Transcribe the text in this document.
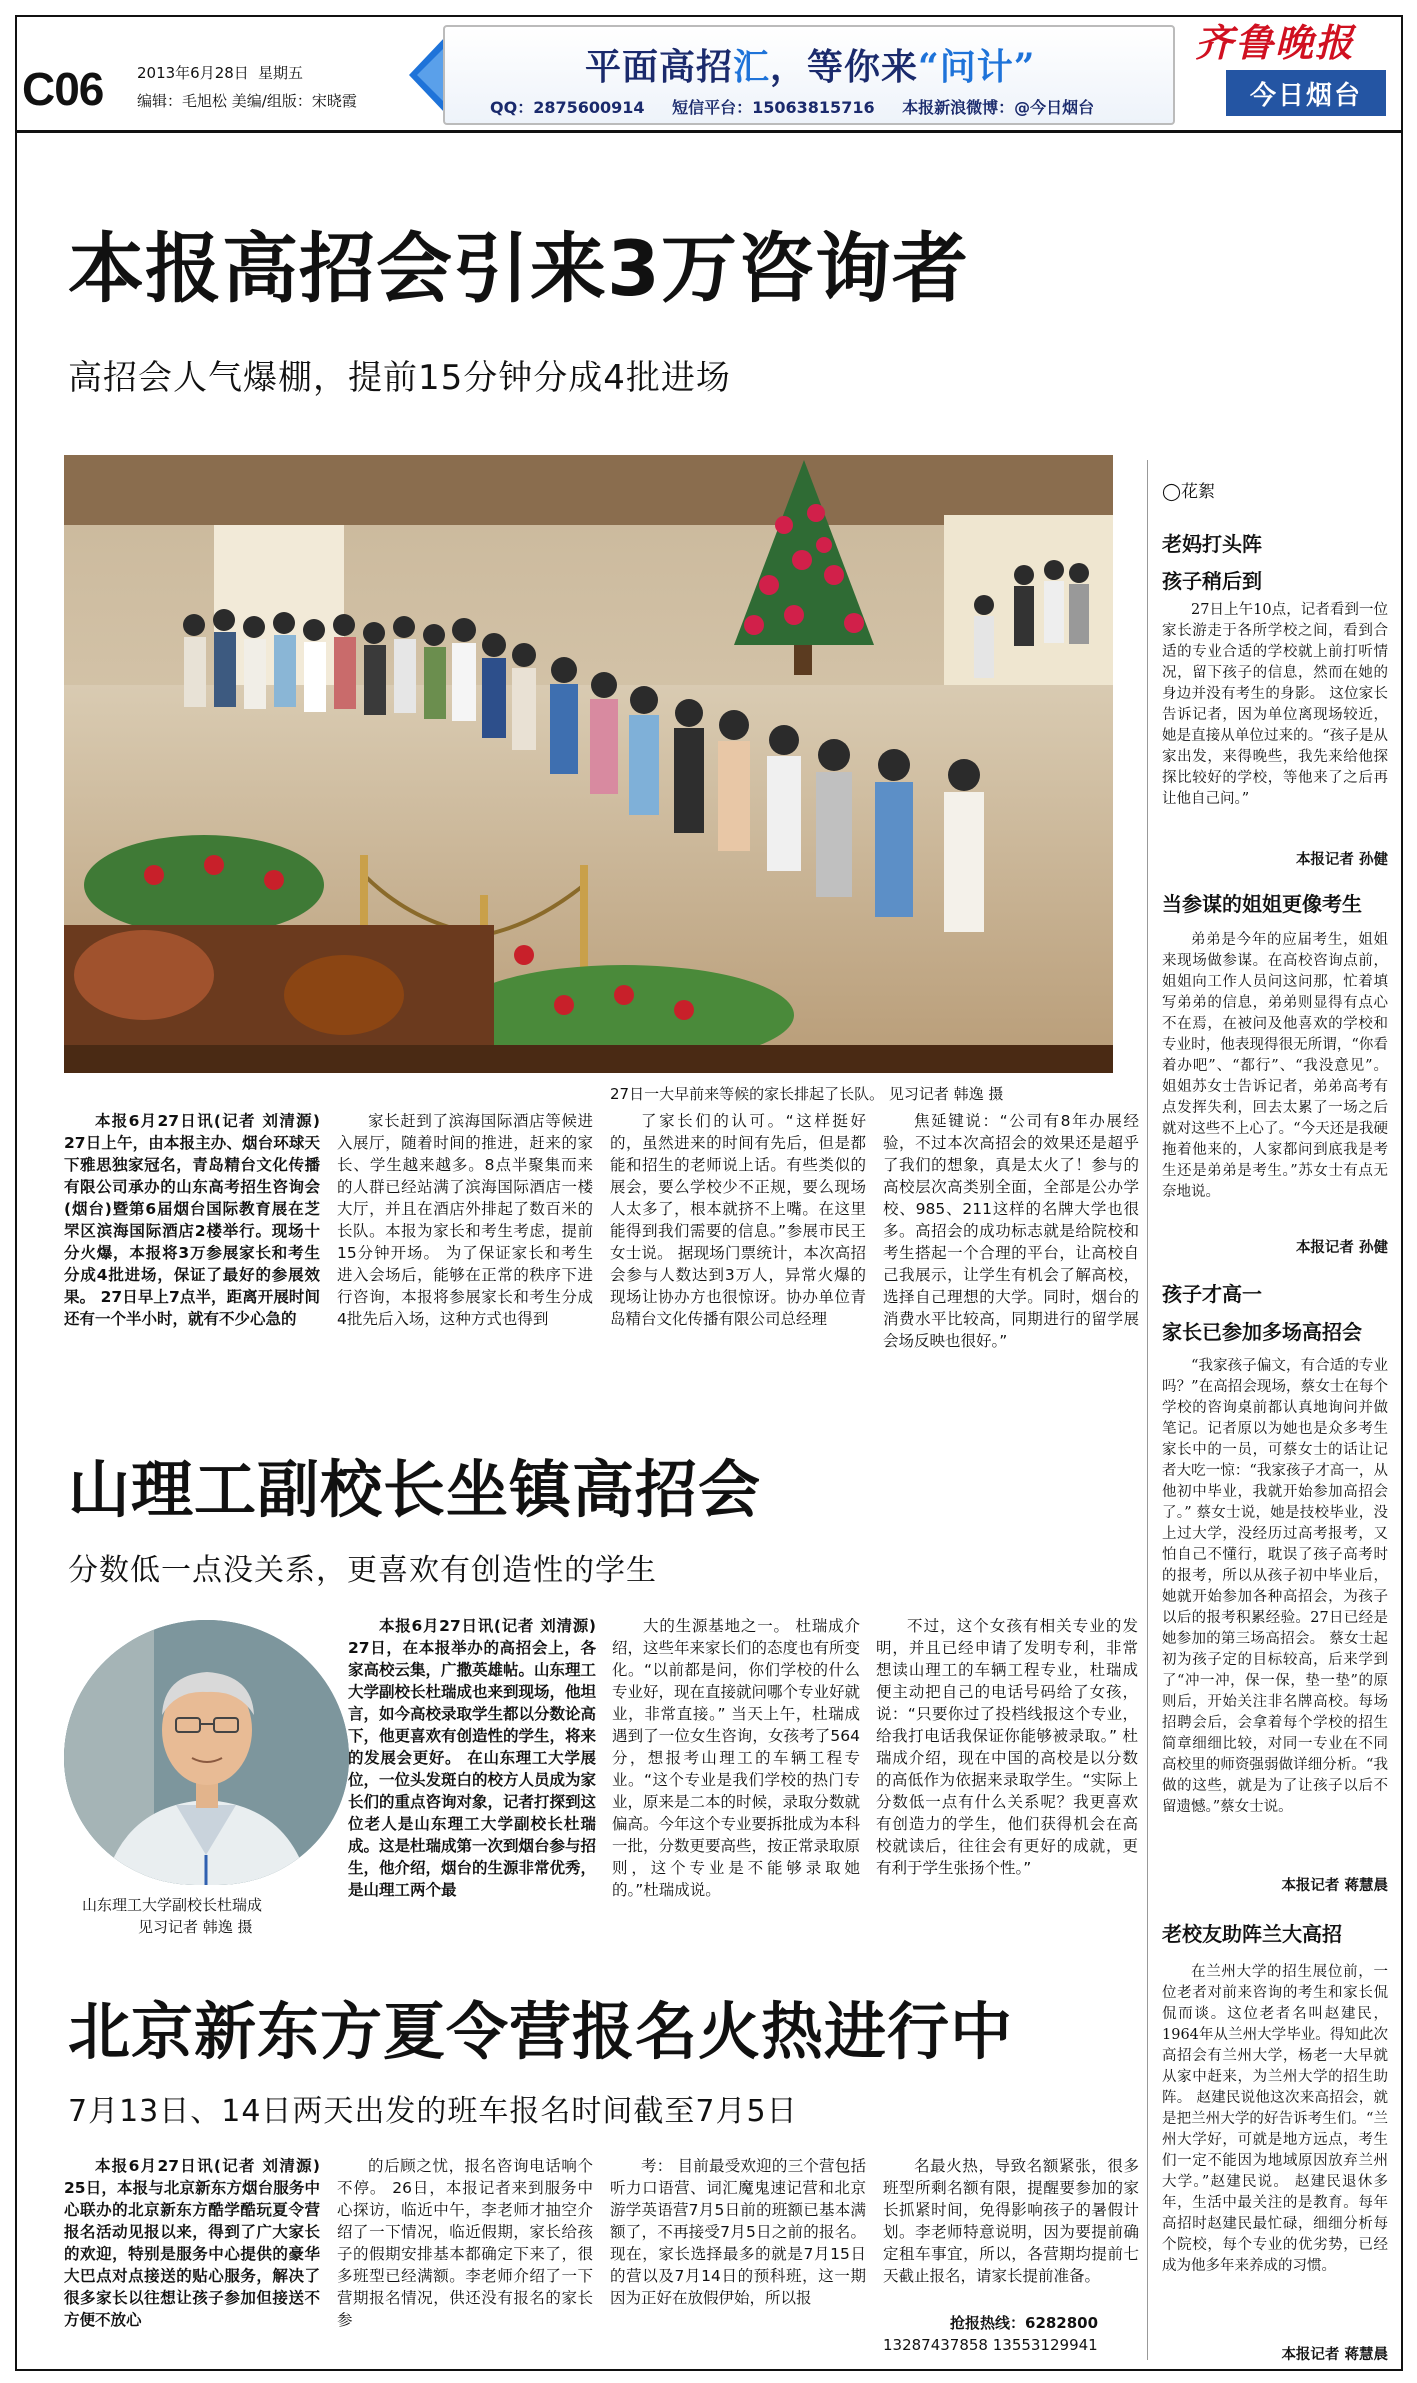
C06 2013年6月28日 星期五
编辑：毛旭松 美编/组版：宋晓霞
平面高招汇，等你来“问计”
QQ：2875600914 短信平台：15063815716 本报新浪微博：@今日烟台
齐鲁晚报
今日烟台
本报高招会引来3万咨询者
高招会人气爆棚，提前15分钟分成4批进场
27日一大早前来等候的家长排起了长队。 见习记者 韩逸 摄

本报6月27日讯(记者 刘清源) 27日上午，由本报主办、烟台环球天下雅思独家冠名，青岛精台文化传播有限公司承办的山东高考招生咨询会(烟台)暨第6届烟台国际教育展在芝罘区滨海国际酒店2楼举行。现场十分火爆，本报将3万参展家长和考生分成4批进场，保证了最好的参展效果。 27日早上7点半，距离开展时间还有一个半小时，就有不少心急的

家长赶到了滨海国际酒店等候进入展厅，随着时间的推进，赶来的家长、学生越来越多。8点半聚集而来的人群已经站满了滨海国际酒店一楼大厅，并且在酒店外排起了数百米的长队。本报为家长和考生考虑，提前15分钟开场。 为了保证家长和考生进入会场后，能够在正常的秩序下进行咨询，本报将参展家长和考生分成4批先后入场，这种方式也得到

了家长们的认可。“这样挺好的，虽然进来的时间有先后，但是都能和招生的老师说上话。有些类似的展会，要么学校少不正规，要么现场人太多了，根本就挤不上嘴。在这里能得到我们需要的信息。”参展市民王女士说。 据现场门票统计，本次高招会参与人数达到3万人，异常火爆的现场让协办方也很惊讶。协办单位青岛精台文化传播有限公司总经理

焦延键说：“公司有8年办展经验，不过本次高招会的效果还是超乎了我们的想象，真是太火了！参与的高校层次高类别全面，全部是公办学校、985、211这样的名牌大学也很多。高招会的成功标志就是给院校和考生搭起一个合理的平台，让高校自己我展示，让学生有机会了解高校，选择自己理想的大学。同时，烟台的消费水平比较高，同期进行的留学展会场反映也很好。”

山理工副校长坐镇高招会
分数低一点没关系，更喜欢有创造性的学生
山东理工大学副校长杜瑞成
见习记者 韩逸 摄

本报6月27日讯(记者 刘清源) 27日，在本报举办的高招会上，各家高校云集，广撒英雄帖。山东理工大学副校长杜瑞成也来到现场，他坦言，如今高校录取学生都以分数论高下，他更喜欢有创造性的学生，将来的发展会更好。 在山东理工大学展位，一位头发斑白的校方人员成为家长们的重点咨询对象，记者打探到这位老人是山东理工大学副校长杜瑞成。这是杜瑞成第一次到烟台参与招生，他介绍，烟台的生源非常优秀，是山理工两个最

大的生源基地之一。 杜瑞成介绍，这些年来家长们的态度也有所变化。“以前都是问，你们学校的什么专业好，现在直接就问哪个专业好就业，非常直接。” 当天上午，杜瑞成遇到了一位女生咨询，女孩考了564分，想报考山理工的车辆工程专业。“这个专业是我们学校的热门专业，原来是二本的时候，录取分数就偏高。今年这个专业要拆批成为本科一批，分数更要高些，按正常录取原则，这个专业是不能够录取她的。”杜瑞成说。

不过，这个女孩有相关专业的发明，并且已经申请了发明专利，非常想读山理工的车辆工程专业，杜瑞成便主动把自己的电话号码给了女孩，说：“只要你过了投档线报这个专业，给我打电话我保证你能够被录取。” 杜瑞成介绍，现在中国的高校是以分数的高低作为依据来录取学生。“实际上分数低一点有什么关系呢？我更喜欢有创造力的学生，他们获得机会在高校就读后，往往会有更好的成就，更有利于学生张扬个性。”

北京新东方夏令营报名火热进行中
7月13日、14日两天出发的班车报名时间截至7月5日

本报6月27日讯(记者 刘清源) 25日，本报与北京新东方烟台服务中心联办的北京新东方酷学酷玩夏令营报名活动见报以来，得到了广大家长的欢迎，特别是服务中心提供的豪华大巴点对点接送的贴心服务，解决了很多家长以往想让孩子参加但接送不方便不放心

的后顾之忧，报名咨询电话响个不停。 26日，本报记者来到服务中心探访，临近中午，李老师才抽空介绍了一下情况，临近假期，家长给孩子的假期安排基本都确定下来了，很多班型已经满额。李老师介绍了一下营期报名情况，供还没有报名的家长参

考： 目前最受欢迎的三个营包括听力口语营、词汇魔鬼速记营和北京游学英语营7月5日前的班额已基本满额了，不再接受7月5日之前的报名。现在，家长选择最多的就是7月15日的营以及7月14日的预科班，这一期因为正好在放假伊始，所以报

名最火热，导致名额紧张，很多班型所剩名额有限，提醒要参加的家长抓紧时间，免得影响孩子的暑假计划。李老师特意说明，因为要提前确定租车事宜，所以，各营期均提前七天截止报名，请家长提前准备。

抢报热线：6282800
13287437858 13553129941
◯花絮
老妈打头阵
孩子稍后到

27日上午10点，记者看到一位家长游走于各所学校之间，看到合适的专业合适的学校就上前打听情况，留下孩子的信息，然而在她的身边并没有考生的身影。 这位家长告诉记者，因为单位离现场较近，她是直接从单位过来的。“孩子是从家出发，来得晚些，我先来给他探探比较好的学校，等他来了之后再让他自己问。”

本报记者 孙健
当参谋的姐姐更像考生

弟弟是今年的应届考生，姐姐来现场做参谋。在高校咨询点前，姐姐向工作人员问这问那，忙着填写弟弟的信息，弟弟则显得有点心不在焉，在被问及他喜欢的学校和专业时，他表现得很无所谓，“你看着办吧”、“都行”、“我没意见”。 姐姐苏女士告诉记者，弟弟高考有点发挥失利，回去太累了一场之后就对这些不上心了。“今天还是我硬拖着他来的，人家都问到底我是考生还是弟弟是考生。”苏女士有点无奈地说。

本报记者 孙健
孩子才高一
家长已参加多场高招会

“我家孩子偏文，有合适的专业吗？”在高招会现场，蔡女士在每个学校的咨询桌前都认真地询问并做笔记。记者原以为她也是众多考生家长中的一员，可蔡女士的话让记者大吃一惊：“我家孩子才高一，从他初中毕业，我就开始参加高招会了。” 蔡女士说，她是技校毕业，没上过大学，没经历过高考报考，又怕自己不懂行，耽误了孩子高考时的报考，所以从孩子初中毕业后，她就开始参加各种高招会，为孩子以后的报考积累经验。27日已经是她参加的第三场高招会。 蔡女士起初为孩子定的目标较高，后来学到了“冲一冲，保一保，垫一垫”的原则后，开始关注非名牌高校。每场招聘会后，会拿着每个学校的招生简章细细比较，对同一专业在不同高校里的师资强弱做详细分析。“我做的这些，就是为了让孩子以后不留遗憾。”蔡女士说。

本报记者 蒋慧晨
老校友助阵兰大高招

在兰州大学的招生展位前，一位老者对前来咨询的考生和家长侃侃而谈。这位老者名叫赵建民，1964年从兰州大学毕业。得知此次高招会有兰州大学，杨老一大早就从家中赶来，为兰州大学的招生助阵。 赵建民说他这次来高招会，就是把兰州大学的好告诉考生们。“兰州大学好，可就是地方远点，考生们一定不能因为地域原因放弃兰州大学。”赵建民说。 赵建民退休多年，生活中最关注的是教育。每年高招时赵建民最忙碌，细细分析每个院校，每个专业的优劣势，已经成为他多年来养成的习惯。

本报记者 蒋慧晨
